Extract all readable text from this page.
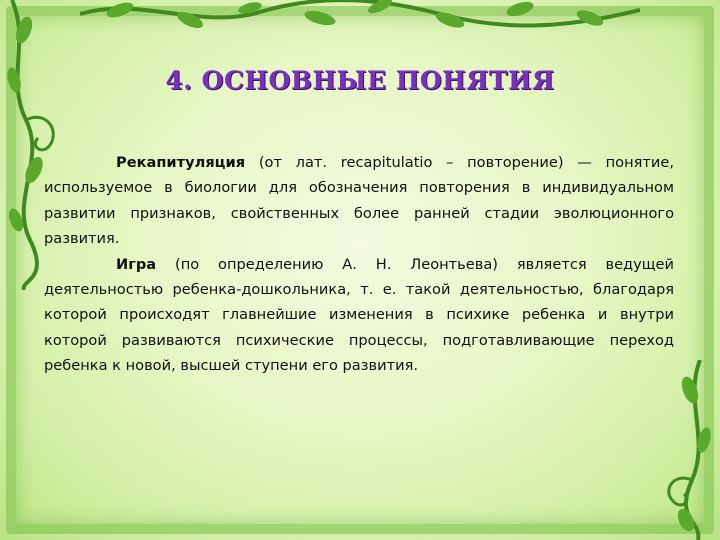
4. ОСНОВНЫЕ ПОНЯТИЯ

Рекапитуляция (от лат. recapitulatio – повторение) — понятие, используемое в биологии для обозначения повторения в индивидуальном развитии признаков, свойственных более ранней стадии эволюционного развития.

Игра (по определению А. Н. Леонтьева) является ведущей деятельностью ребенка-дошкольника, т. е. такой деятельностью, благодаря которой происходят главнейшие изменения в психике ребенка и внутри которой развиваются психические процессы, подготавливающие переход ребенка к новой, высшей ступени его развития.
